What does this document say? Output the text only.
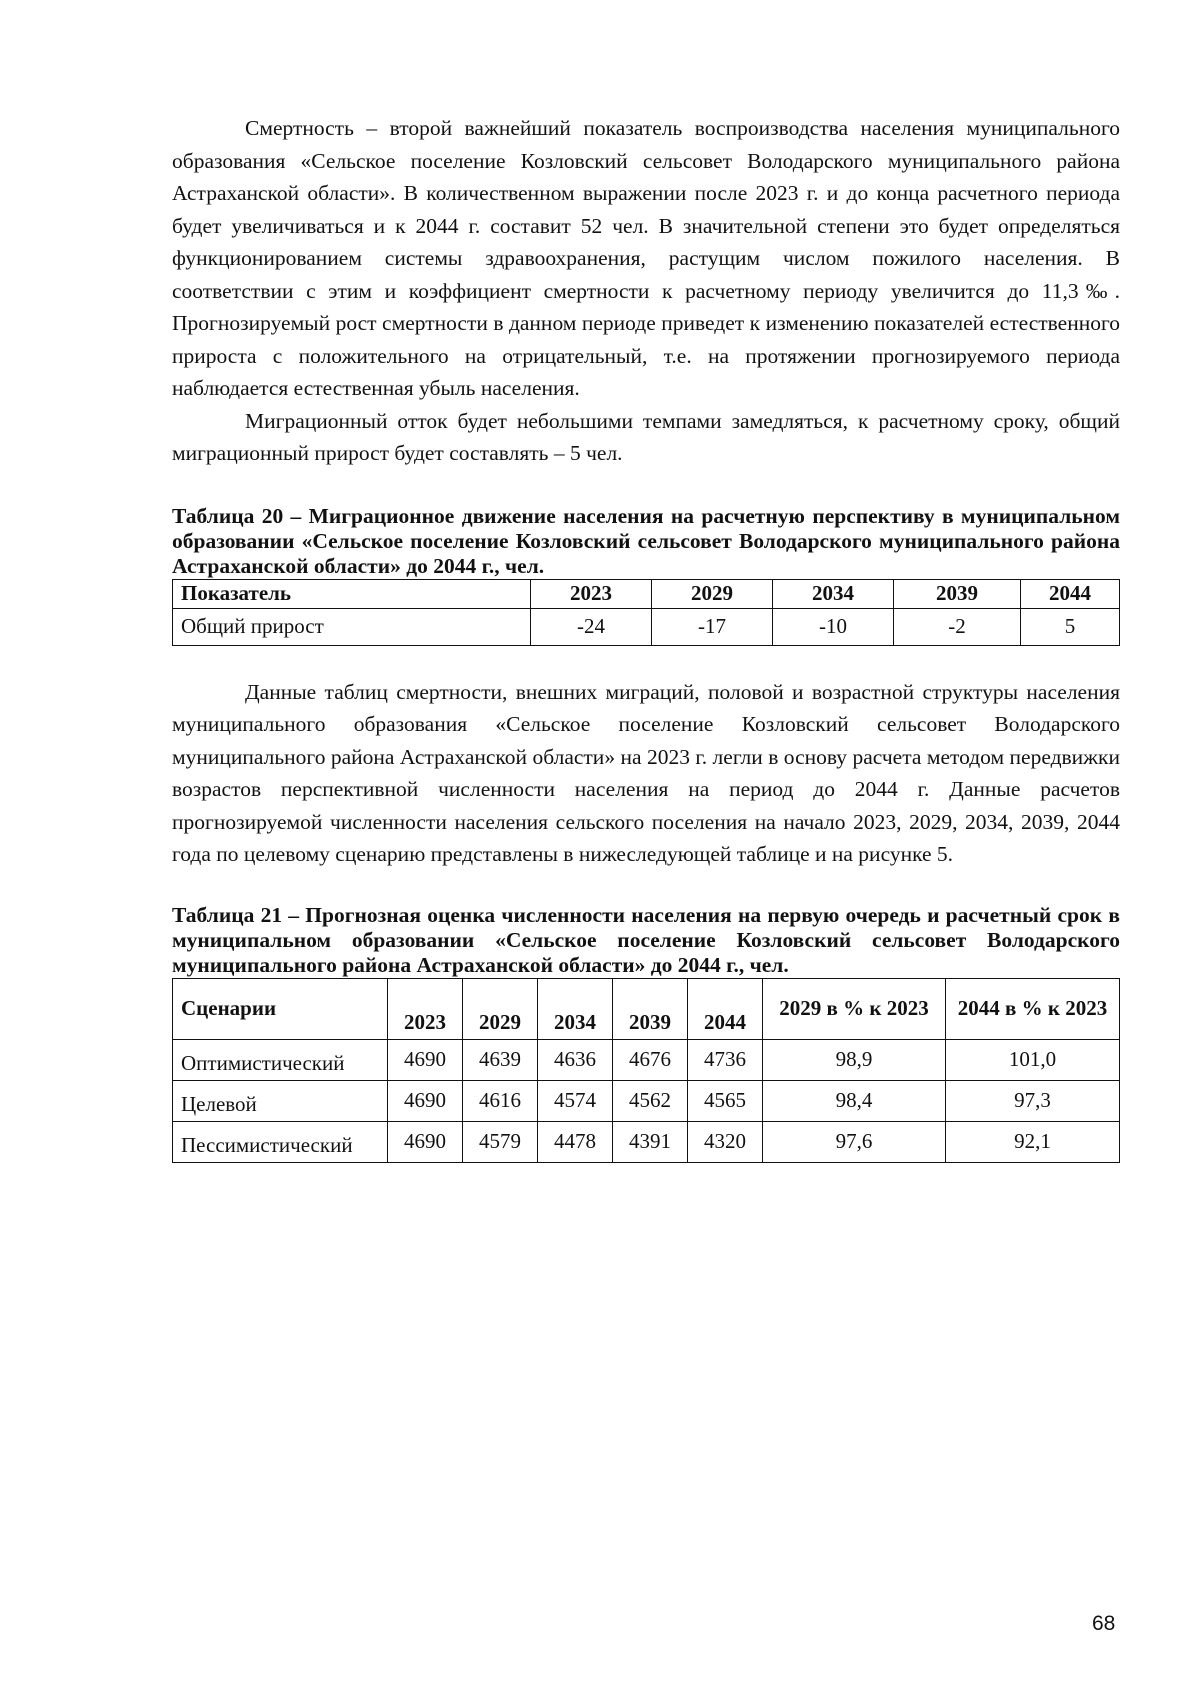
Смертность – второй важнейший показатель воспроизводства населения муниципального образования «Сельское поселение Козловский сельсовет Володарского муниципального района Астраханской области». В количественном выражении после 2023 г. и до конца расчетного периода будет увеличиваться и к 2044 г. составит 52 чел. В значительной степени это будет определяться функционированием системы здравоохранения, растущим числом пожилого населения. В соответствии с этим и коэффициент смертности к расчетному периоду увеличится до 11,3‰. Прогнозируемый рост смертности в данном периоде приведет к изменению показателей естественного прироста с положительного на отрицательный, т.е. на протяжении прогнозируемого периода наблюдается естественная убыль населения.

Миграционный отток будет небольшими темпами замедляться, к расчетному сроку, общий миграционный прирост будет составлять – 5 чел.

Таблица 20 – Миграционное движение населения на расчетную перспективу в муниципальном образовании «Сельское поселение Козловский сельсовет Володарского муниципального района Астраханской области» до 2044 г., чел.

Показатель	2023	2029	2034	2039	2044
Общий прирост	-24	-17	-10	-2	5

Данные таблиц смертности, внешних миграций, половой и возрастной структуры населения муниципального образования «Сельское поселение Козловский сельсовет Володарского муниципального района Астраханской области» на 2023 г. легли в основу расчета методом передвижки возрастов перспективной численности населения на период до 2044 г. Данные расчетов прогнозируемой численности населения сельского поселения на начало 2023, 2029, 2034, 2039, 2044 года по целевому сценарию представлены в нижеследующей таблице и на рисунке 5.

Таблица 21 – Прогнозная оценка численности населения на первую очередь и расчетный срок в муниципальном образовании «Сельское поселение Козловский сельсовет Володарского муниципального района Астраханской области» до 2044 г., чел.

Сценарии	2023	2029	2034	2039	2044	2029 в % к 2023	2044 в % к 2023
Оптимистический	4690	4639	4636	4676	4736	98,9	101,0
Целевой	4690	4616	4574	4562	4565	98,4	97,3
Пессимистический	4690	4579	4478	4391	4320	97,6	92,1
68
